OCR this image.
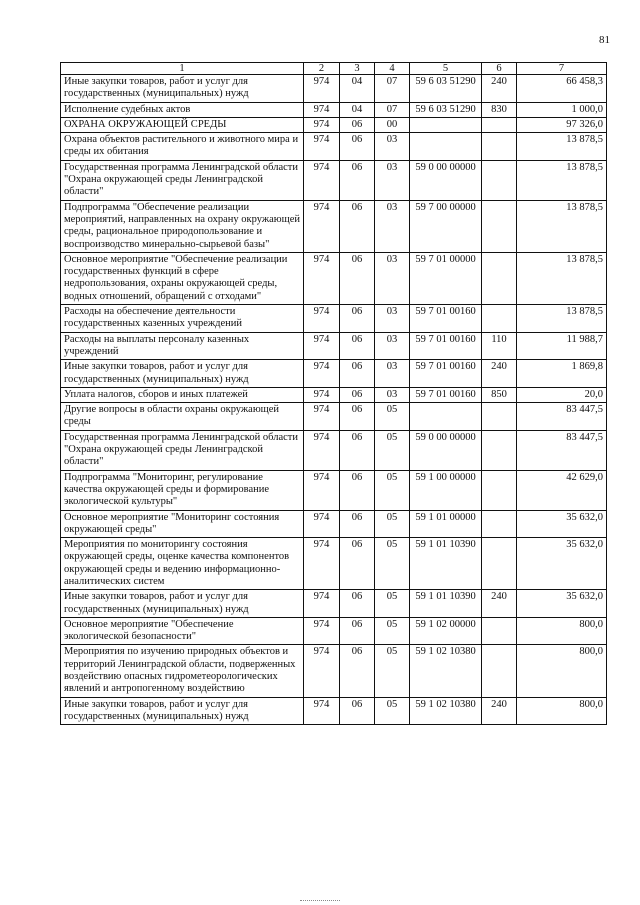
81
1	2	3	4	5	6	7
Иные закупки товаров, работ и услуг для государственных (муниципальных) нужд	974	04	07	59 6 03 51290	240	66 458,3
Исполнение судебных актов	974	04	07	59 6 03 51290	830	1 000,0
ОХРАНА ОКРУЖАЮЩЕЙ СРЕДЫ	974	06	00			97 326,0
Охрана объектов растительного и животного мира и среды их обитания	974	06	03			13 878,5
Государственная программа Ленинградской области "Охрана окружающей среды Ленинградской области"	974	06	03	59 0 00 00000		13 878,5
Подпрограмма "Обеспечение реализации мероприятий, направленных на охрану окружающей среды, рациональное природопользование и воспроизводство минерально-сырьевой базы"	974	06	03	59 7 00 00000		13 878,5
Основное мероприятие "Обеспечение реализации государственных функций в сфере недропользования, охраны окружающей среды, водных отношений, обращений с отходами"	974	06	03	59 7 01 00000		13 878,5
Расходы на обеспечение деятельности государственных казенных учреждений	974	06	03	59 7 01 00160		13 878,5
Расходы на выплаты персоналу казенных учреждений	974	06	03	59 7 01 00160	110	11 988,7
Иные закупки товаров, работ и услуг для государственных (муниципальных) нужд	974	06	03	59 7 01 00160	240	1 869,8
Уплата налогов, сборов и иных платежей	974	06	03	59 7 01 00160	850	20,0
Другие вопросы в области охраны окружающей среды	974	06	05			83 447,5
Государственная программа Ленинградской области "Охрана окружающей среды Ленинградской области"	974	06	05	59 0 00 00000		83 447,5
Подпрограмма "Мониторинг, регулирование качества окружающей среды и формирование экологической культуры"	974	06	05	59 1 00 00000		42 629,0
Основное мероприятие "Мониторинг состояния окружающей среды"	974	06	05	59 1 01 00000		35 632,0
Мероприятия по мониторингу состояния окружающей среды, оценке качества компонентов окружающей среды и ведению информационно-аналитических систем	974	06	05	59 1 01 10390		35 632,0
Иные закупки товаров, работ и услуг для государственных (муниципальных) нужд	974	06	05	59 1 01 10390	240	35 632,0
Основное мероприятие "Обеспечение экологической безопасности"	974	06	05	59 1 02 00000		800,0
Мероприятия по изучению природных объектов и территорий Ленинградской области, подверженных воздействию опасных гидрометеорологических явлений и антропогенному воздействию	974	06	05	59 1 02 10380		800,0
Иные закупки товаров, работ и услуг для государственных (муниципальных) нужд	974	06	05	59 1 02 10380	240	800,0
